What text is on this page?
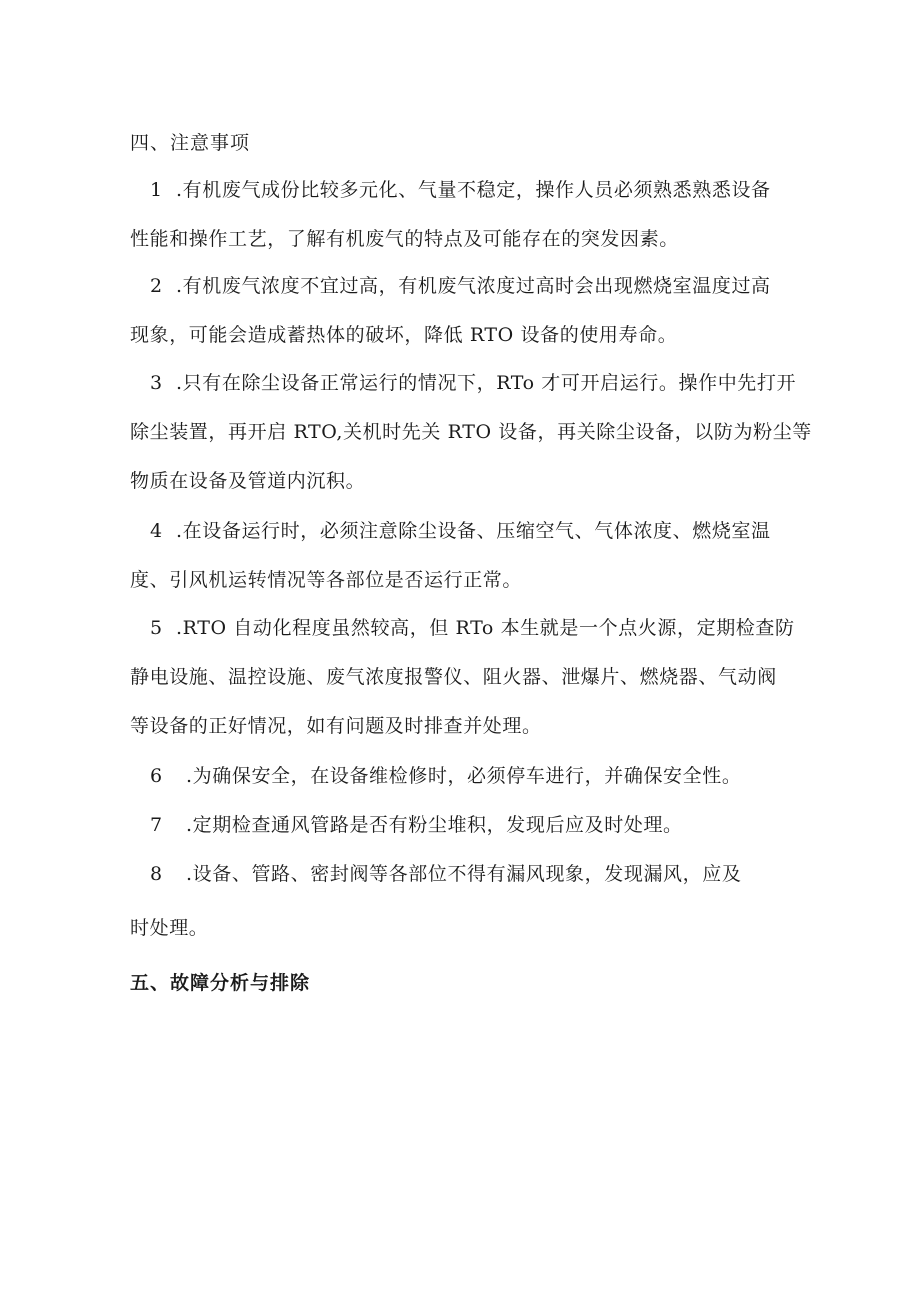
四、注意事项
1 .有机废气成份比较多元化、气量不稳定，操作人员必须熟悉熟悉设备
性能和操作工艺，了解有机废气的特点及可能存在的突发因素。
2 .有机废气浓度不宜过高，有机废气浓度过高时会出现燃烧室温度过高
现象，可能会造成蓄热体的破坏，降低 RTO 设备的使用寿命。
3 .只有在除尘设备正常运行的情况下，RTo 才可开启运行。操作中先打开
除尘装置，再开启 RTO,关机时先关 RTO 设备，再关除尘设备，以防为粉尘等
物质在设备及管道内沉积。
4 .在设备运行时，必须注意除尘设备、压缩空气、气体浓度、燃烧室温
度、引风机运转情况等各部位是否运行正常。
5 .RTO 自动化程度虽然较高，但 RTo 本生就是一个点火源，定期检查防
静电设施、温控设施、废气浓度报警仪、阻火器、泄爆片、燃烧器、气动阀
等设备的正好情况，如有问题及时排查并处理。
6 .为确保安全，在设备维检修时，必须停车进行，并确保安全性。
7 .定期检查通风管路是否有粉尘堆积，发现后应及时处理。
8 .设备、管路、密封阀等各部位不得有漏风现象，发现漏风，应及
时处理。
五、故障分析与排除
